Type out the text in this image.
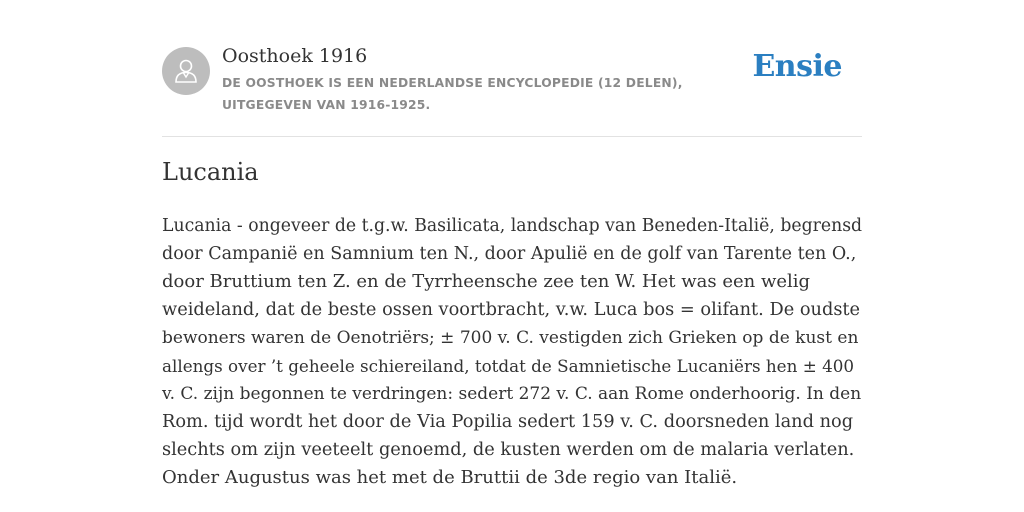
Oosthoek 1916
DE OOSTHOEK IS EEN NEDERLANDSE ENCYCLOPEDIE (12 DELEN), UITGEGEVEN VAN 1916-1925.
Ensie
Lucania
Lucania - ongeveer de t.g.w. Basilicata, landschap van Beneden-Italië, begrensd
door Campanië en Samnium ten N., door Apulië en de golf van Tarente ten O.,
door Bruttium ten Z. en de Tyrrheensche zee ten W. Het was een welig
weideland, dat de beste ossen voortbracht, v.w. Luca bos = olifant. De oudste
bewoners waren de Oenotriërs; ± 700 v. C. vestigden zich Grieken op de kust en
allengs over ’t geheele schiereiland, totdat de Samnietische Lucaniërs hen ± 400
v. C. zijn begonnen te verdringen: sedert 272 v. C. aan Rome onderhoorig. In den
Rom. tijd wordt het door de Via Popilia sedert 159 v. C. doorsneden land nog
slechts om zijn veeteelt genoemd, de kusten werden om de malaria verlaten.
Onder Augustus was het met de Bruttii de 3de regio van Italië.
